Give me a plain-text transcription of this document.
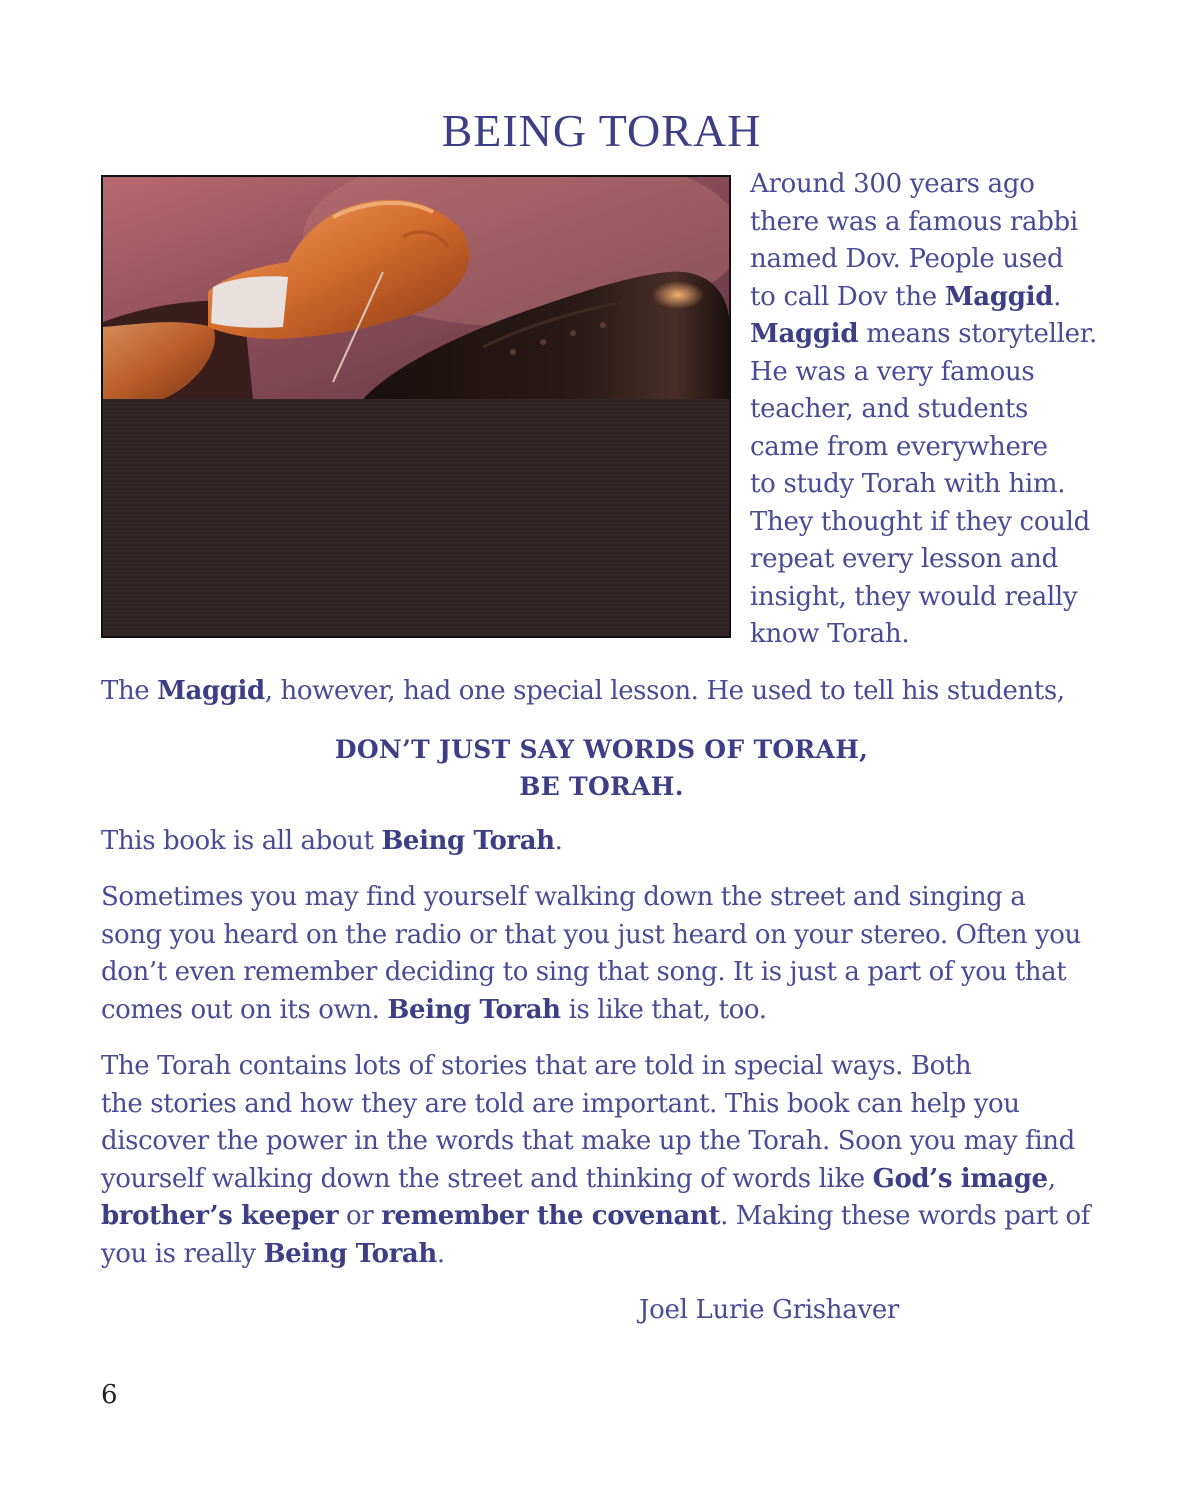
BEING TORAH
Around 300 years ago
there was a famous rabbi
named Dov. People used
to call Dov the Maggid.
Maggid means storyteller.
He was a very famous
teacher, and students
came from everywhere
to study Torah with him.
They thought if they could
repeat every lesson and
insight, they would really
know Torah.

The Maggid, however, had one special lesson. He used to tell his students,

DON’T JUST SAY WORDS OF TORAH,
BE TORAH.

This book is all about Being Torah.

Sometimes you may find yourself walking down the street and singing a
song you heard on the radio or that you just heard on your stereo. Often you
don’t even remember deciding to sing that song. It is just a part of you that
comes out on its own. Being Torah is like that, too.
The Torah contains lots of stories that are told in special ways. Both
the stories and how they are told are important. This book can help you
discover the power in the words that make up the Torah. Soon you may find
yourself walking down the street and thinking of words like God’s image,
brother’s keeper or remember the covenant. Making these words part of
you is really Being Torah.
Joel Lurie Grishaver
6
